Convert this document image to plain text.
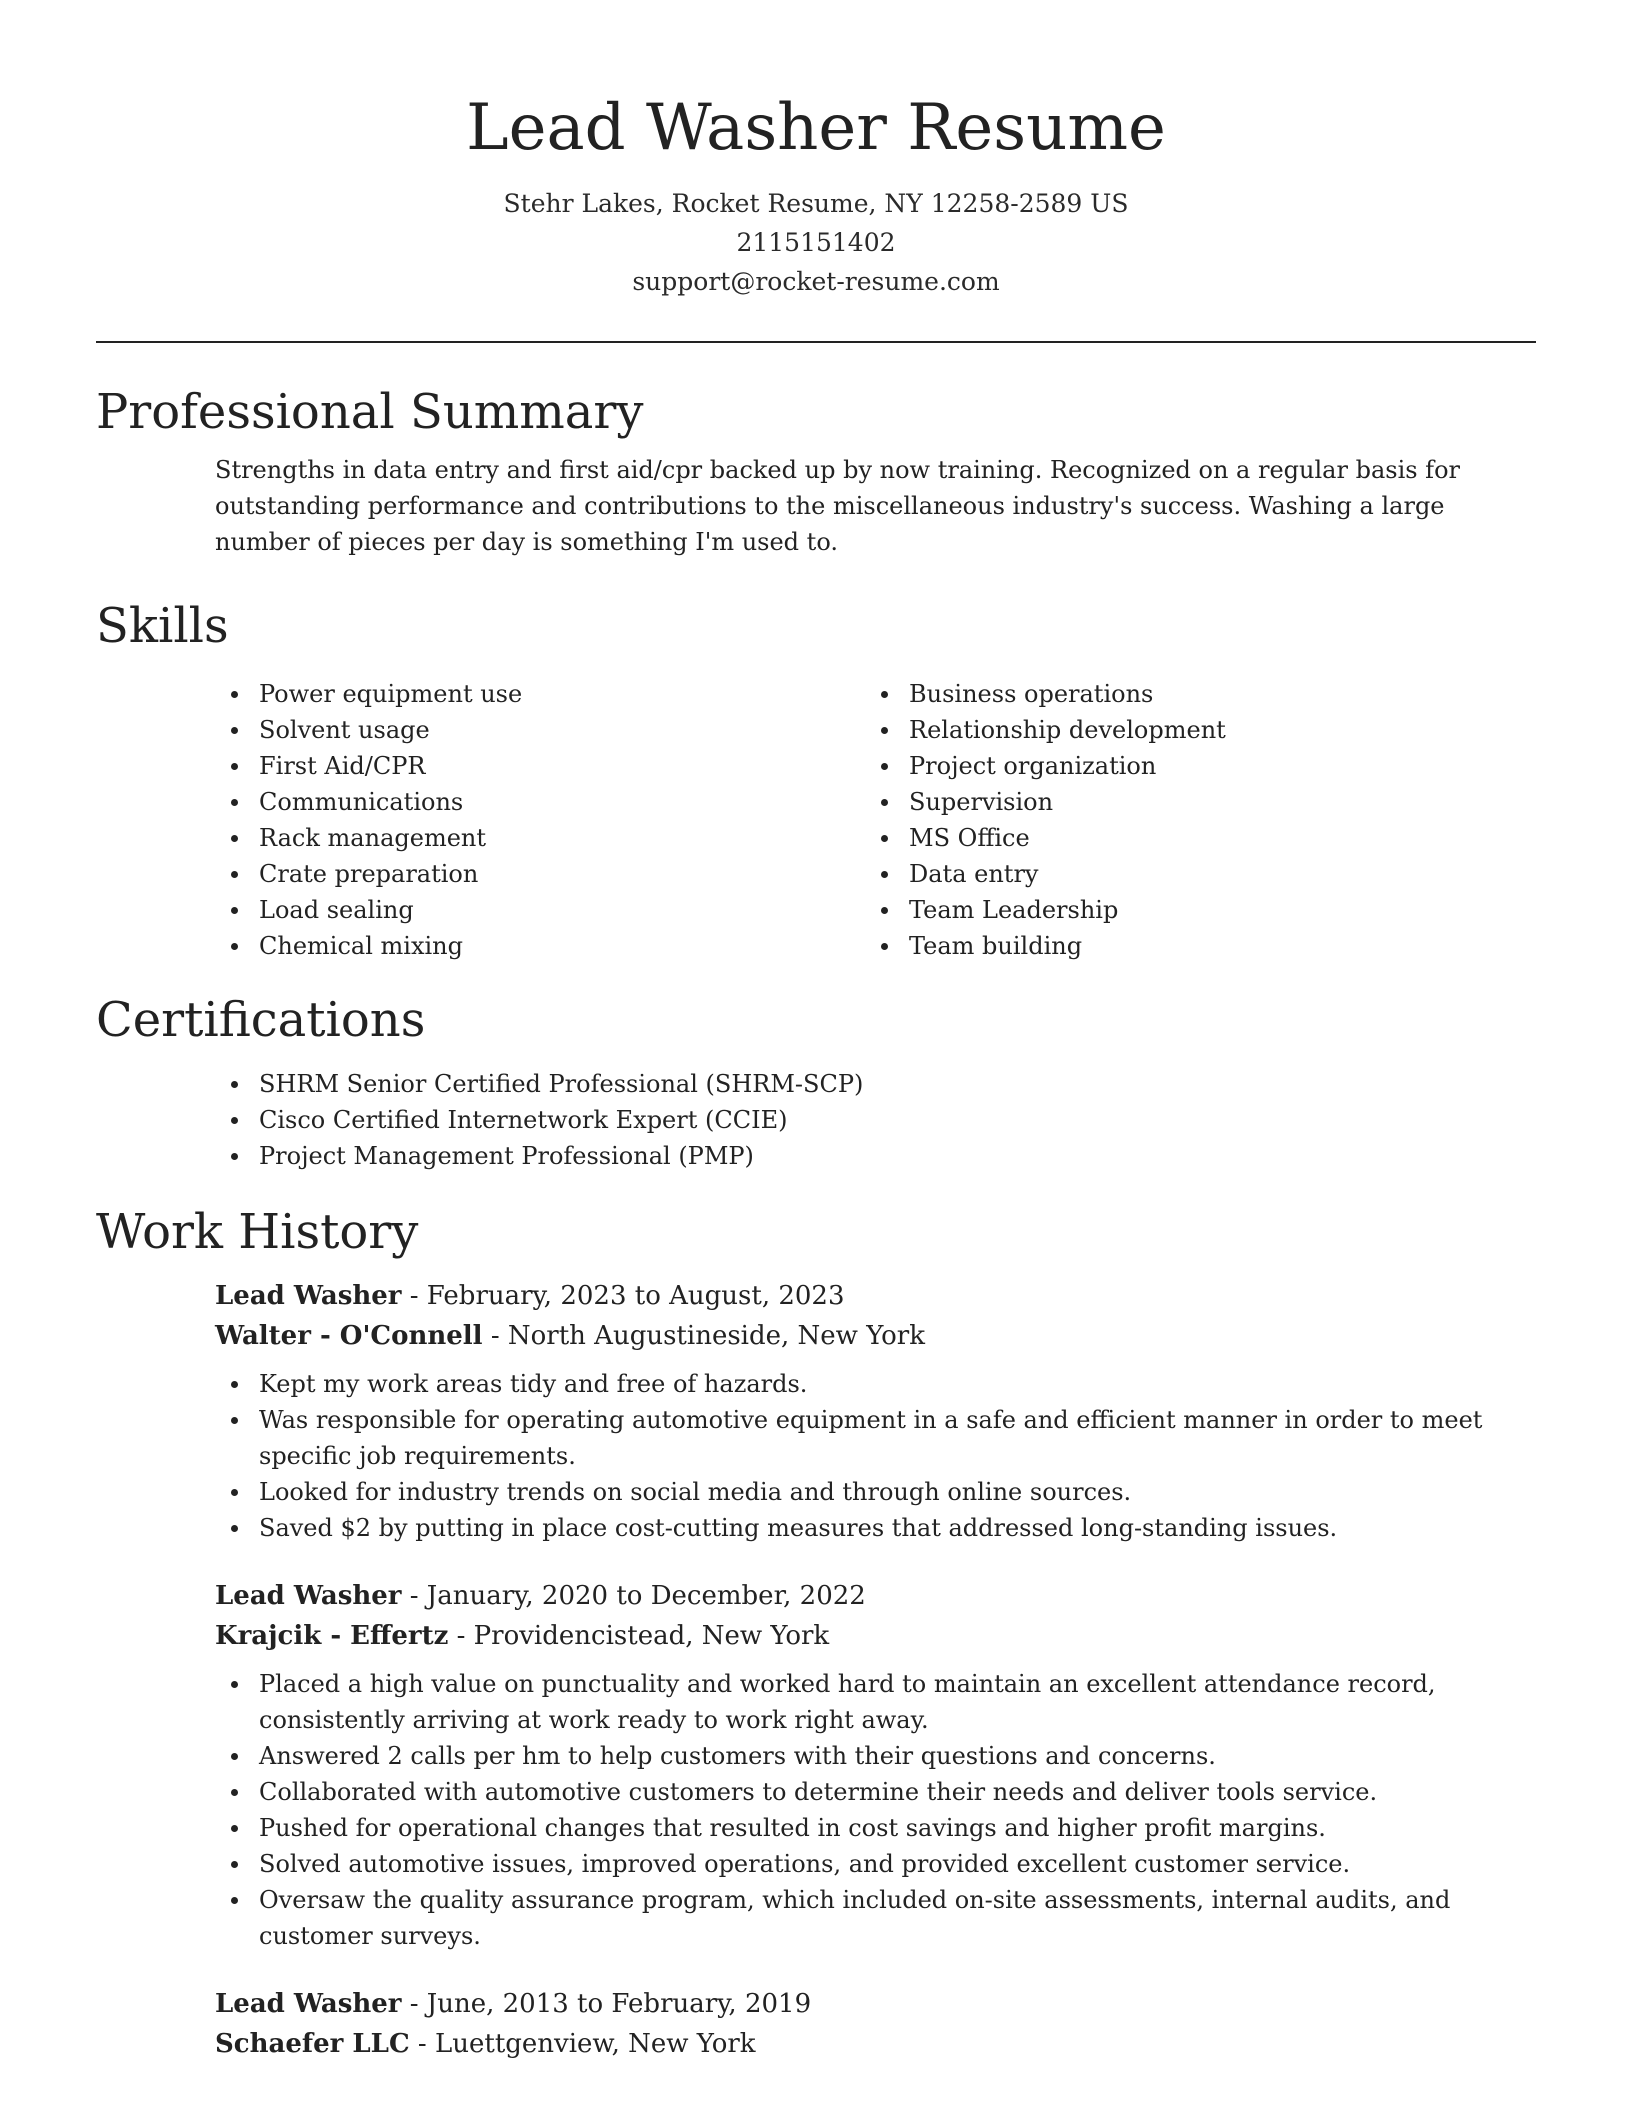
Lead Washer Resume
Stehr Lakes, Rocket Resume, NY 12258-2589 US
2115151402
support@rocket-resume.com
Professional Summary

Strengths in data entry and first aid/cpr backed up by now training. Recognized on a regular basis for outstanding performance and contributions to the miscellaneous industry's success. Washing a large number of pieces per day is something I'm used to.

Skills
Power equipment use
Solvent usage
First Aid/CPR
Communications
Rack management
Crate preparation
Load sealing
Chemical mixing
Business operations
Relationship development
Project organization
Supervision
MS Office
Data entry
Team Leadership
Team building
Certifications
SHRM Senior Certified Professional (SHRM-SCP)
Cisco Certified Internetwork Expert (CCIE)
Project Management Professional (PMP)
Work History
Lead Washer - February, 2023 to August, 2023
Walter - O'Connell - North Augustineside, New York
Kept my work areas tidy and free of hazards.
Was responsible for operating automotive equipment in a safe and efficient manner in order to meet specific job requirements.
Looked for industry trends on social media and through online sources.
Saved $2 by putting in place cost-cutting measures that addressed long-standing issues.
Lead Washer - January, 2020 to December, 2022
Krajcik - Effertz - Providencistead, New York
Placed a high value on punctuality and worked hard to maintain an excellent attendance record, consistently arriving at work ready to work right away.
Answered 2 calls per hm to help customers with their questions and concerns.
Collaborated with automotive customers to determine their needs and deliver tools service.
Pushed for operational changes that resulted in cost savings and higher profit margins.
Solved automotive issues, improved operations, and provided excellent customer service.
Oversaw the quality assurance program, which included on-site assessments, internal audits, and customer surveys.
Lead Washer - June, 2013 to February, 2019
Schaefer LLC - Luettgenview, New York
